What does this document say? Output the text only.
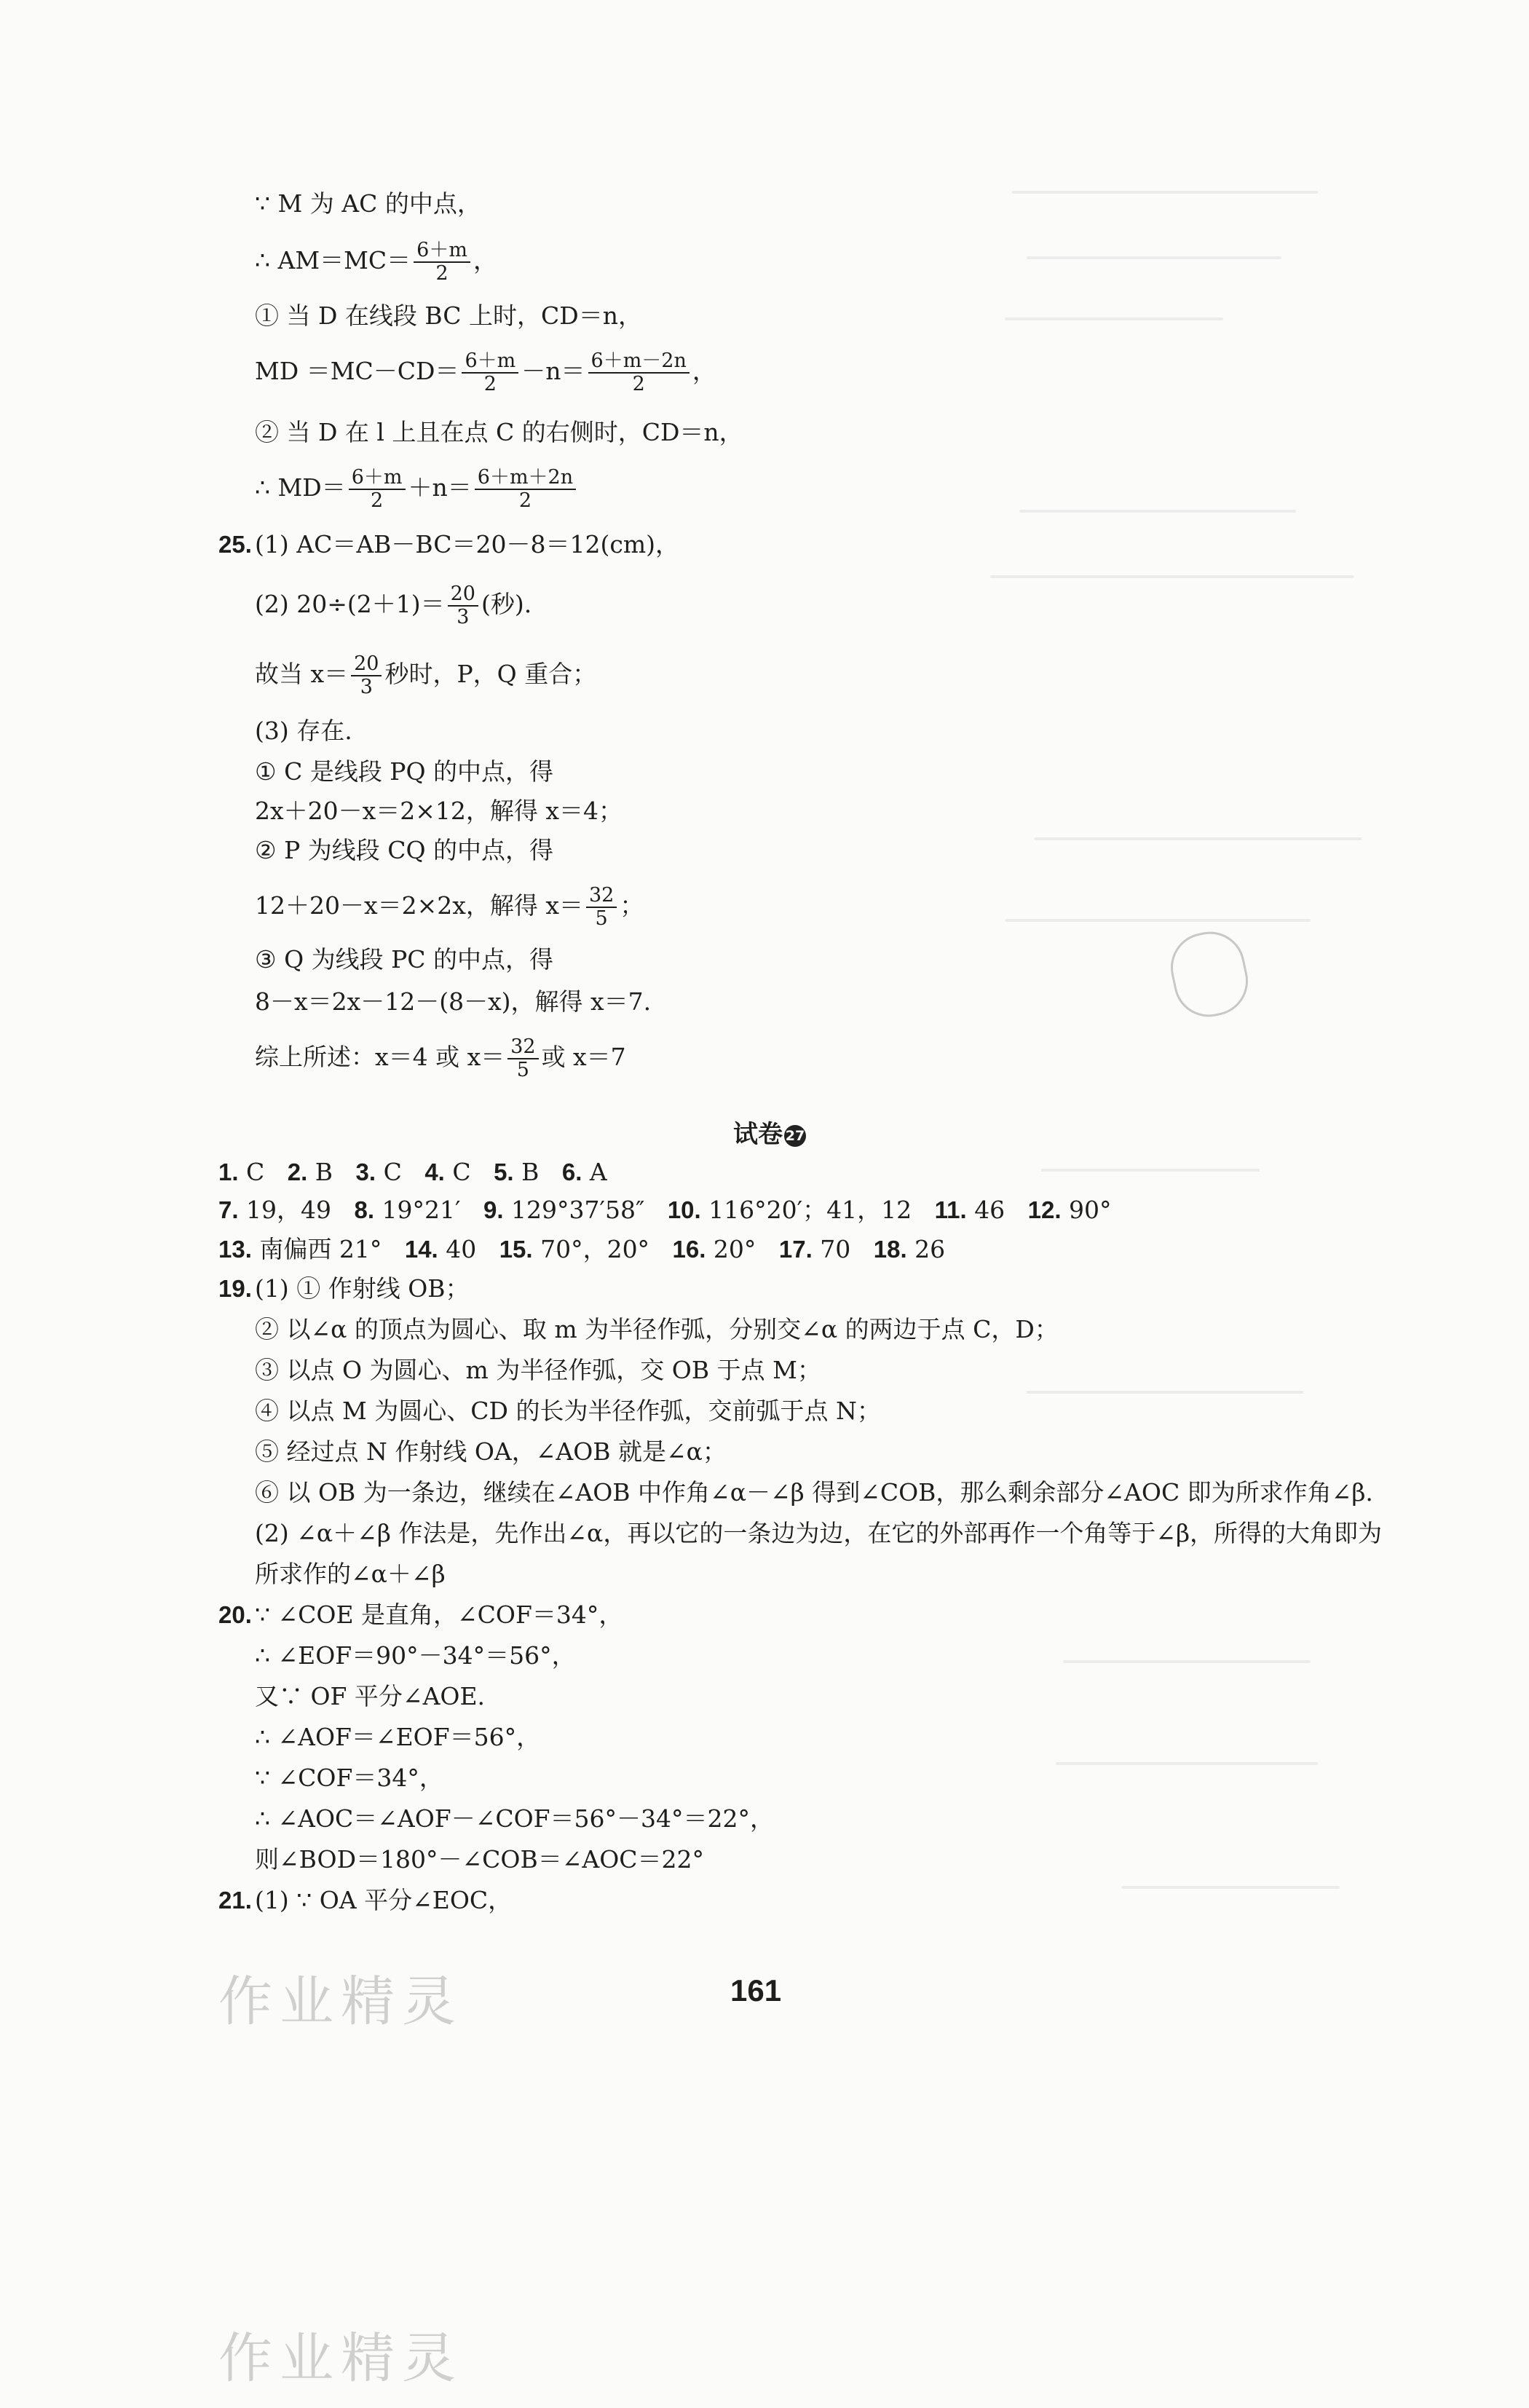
∵ M 为 AC 的中点，
∴ $AM=MC= \frac{6+m}{2}$ ，
① 当 D 在线段 BC 上时，CD＝n，
MD $=MC-CD= \frac{6+m}{2} -n= \frac{6+m-2n}{2}$ ，
② 当 D 在 l 上且在点 C 的右侧时，CD＝n，
∴ $MD= \frac{6+m}{2} +n= \frac{6+m+2n}{2}$
25. (1) AC＝AB－BC＝20－8＝12(cm)，
(2) $20\div(2+1)= \frac{20}{3}$ (秒).
故当 $x= \frac{20}{3}$ 秒时，P，Q 重合；
(3) 存在.
① C 是线段 PQ 的中点，得
2x＋20－x＝2×12，解得 x＝4；
② P 为线段 CQ 的中点，得
12＋20－x＝2×2x，解得 $x= \frac{32}{5}$ ；
③ Q 为线段 PC 的中点，得
8－x＝2x－12－(8－x)，解得 x＝7.
综上所述：x＝4 或 $x= \frac{32}{5}$ 或 x＝7
试卷 27
1. C 2. B 3. C 4. C 5. B 6. A
7. 19，49 8. 19°21′ 9. 129°37′58″ 10. 116°20′；41，12 11. 46 12. 90°
13. 南偏西 21° 14. 40 15. 70°，20° 16. 20° 17. 70 18. 26
19. (1) ① 作射线 OB；
② 以∠α 的顶点为圆心、取 m 为半径作弧，分别交∠α 的两边于点 C，D；
③ 以点 O 为圆心、m 为半径作弧，交 OB 于点 M；
④ 以点 M 为圆心、CD 的长为半径作弧，交前弧于点 N；
⑤ 经过点 N 作射线 OA，∠AOB 就是∠α；
⑥ 以 OB 为一条边，继续在∠AOB 中作角∠α－∠β 得到∠COB，那么剩余部分∠AOC 即为所求作角∠β.
(2) ∠α＋∠β 作法是，先作出∠α，再以它的一条边为边，在它的外部再作一个角等于∠β，所得的大角即为
所求作的∠α＋∠β
20. ∵ ∠COE 是直角，∠COF＝34°，
∴ ∠EOF＝90°－34°＝56°，
又∵ OF 平分∠AOE.
∴ ∠AOF＝∠EOF＝56°，
∵ ∠COF＝34°，
∴ ∠AOC＝∠AOF－∠COF＝56°－34°＝22°，
则∠BOD＝180°－∠COB＝∠AOC＝22°
21. (1) ∵ OA 平分∠EOC，
161
作业精灵
作业精灵
